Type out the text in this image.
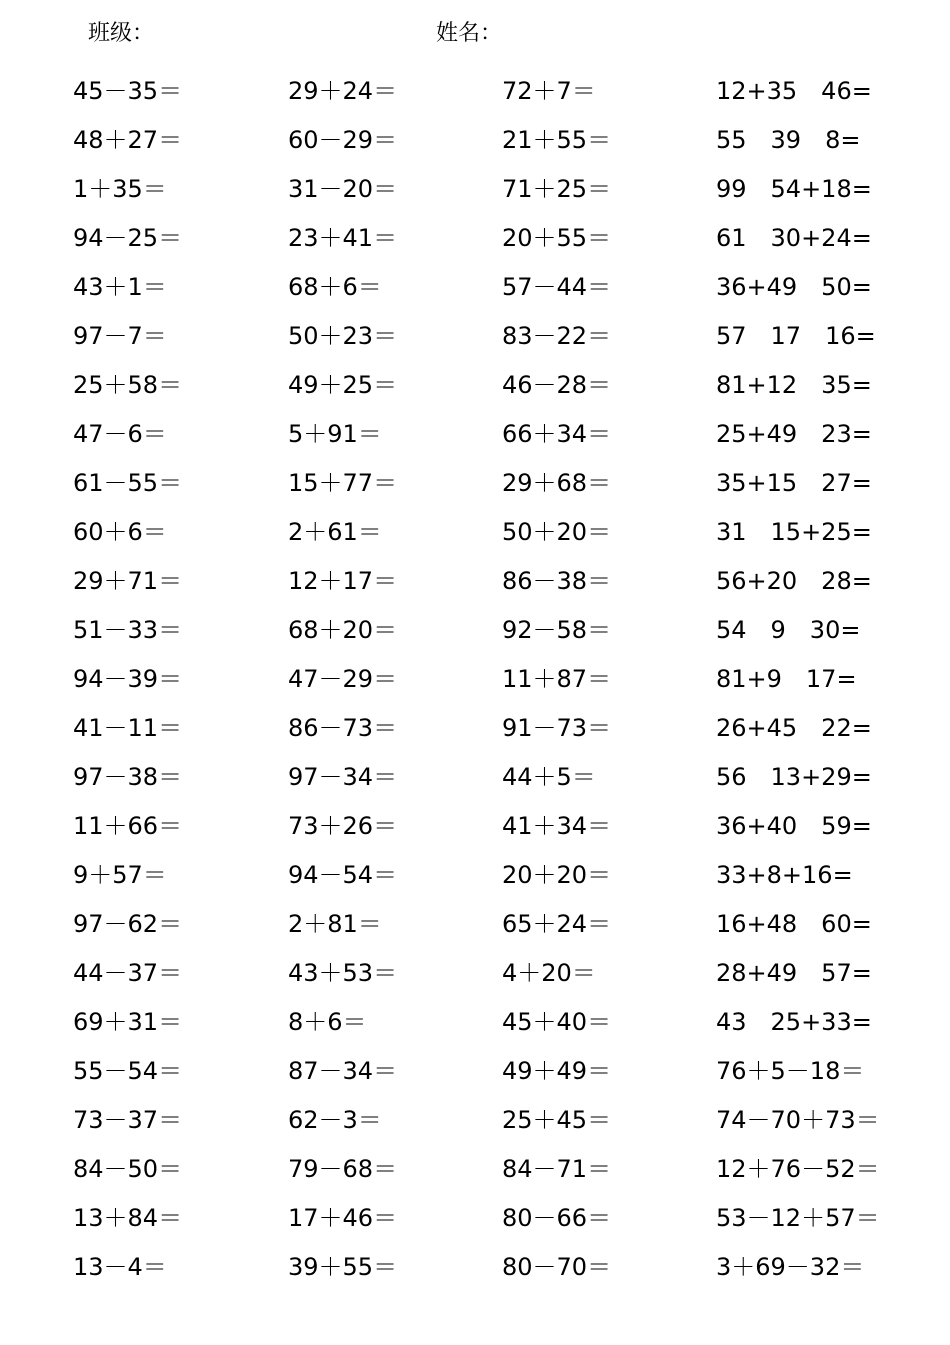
班级：	姓名：
45－35＝	29＋24＝	72＋7＝	12+35　46=
48＋27＝	60－29＝	21＋55＝	55　39　8=
1＋35＝	31－20＝	71＋25＝	99　54+18=
94－25＝	23＋41＝	20＋55＝	61　30+24=
43＋1＝	68＋6＝	57－44＝	36+49　50=
97－7＝	50＋23＝	83－22＝	57　17　16=
25＋58＝	49＋25＝	46－28＝	81+12　35=
47－6＝	5＋91＝	66＋34＝	25+49　23=
61－55＝	15＋77＝	29＋68＝	35+15　27=
60＋6＝	2＋61＝	50＋20＝	31　15+25=
29＋71＝	12＋17＝	86－38＝	56+20　28=
51－33＝	68＋20＝	92－58＝	54　9　30=
94－39＝	47－29＝	11＋87＝	81+9　17=
41－11＝	86－73＝	91－73＝	26+45　22=
97－38＝	97－34＝	44＋5＝	56　13+29=
11＋66＝	73＋26＝	41＋34＝	36+40　59=
9＋57＝	94－54＝	20＋20＝	33+8+16=
97－62＝	2＋81＝	65＋24＝	16+48　60=
44－37＝	43＋53＝	4＋20＝	28+49　57=
69＋31＝	8＋6＝	45＋40＝	43　25+33=
55－54＝	87－34＝	49＋49＝	76＋5－18＝
73－37＝	62－3＝	25＋45＝	74－70＋73＝
84－50＝	79－68＝	84－71＝	12＋76－52＝
13＋84＝	17＋46＝	80－66＝	53－12＋57＝
13－4＝	39＋55＝	80－70＝	3＋69－32＝
